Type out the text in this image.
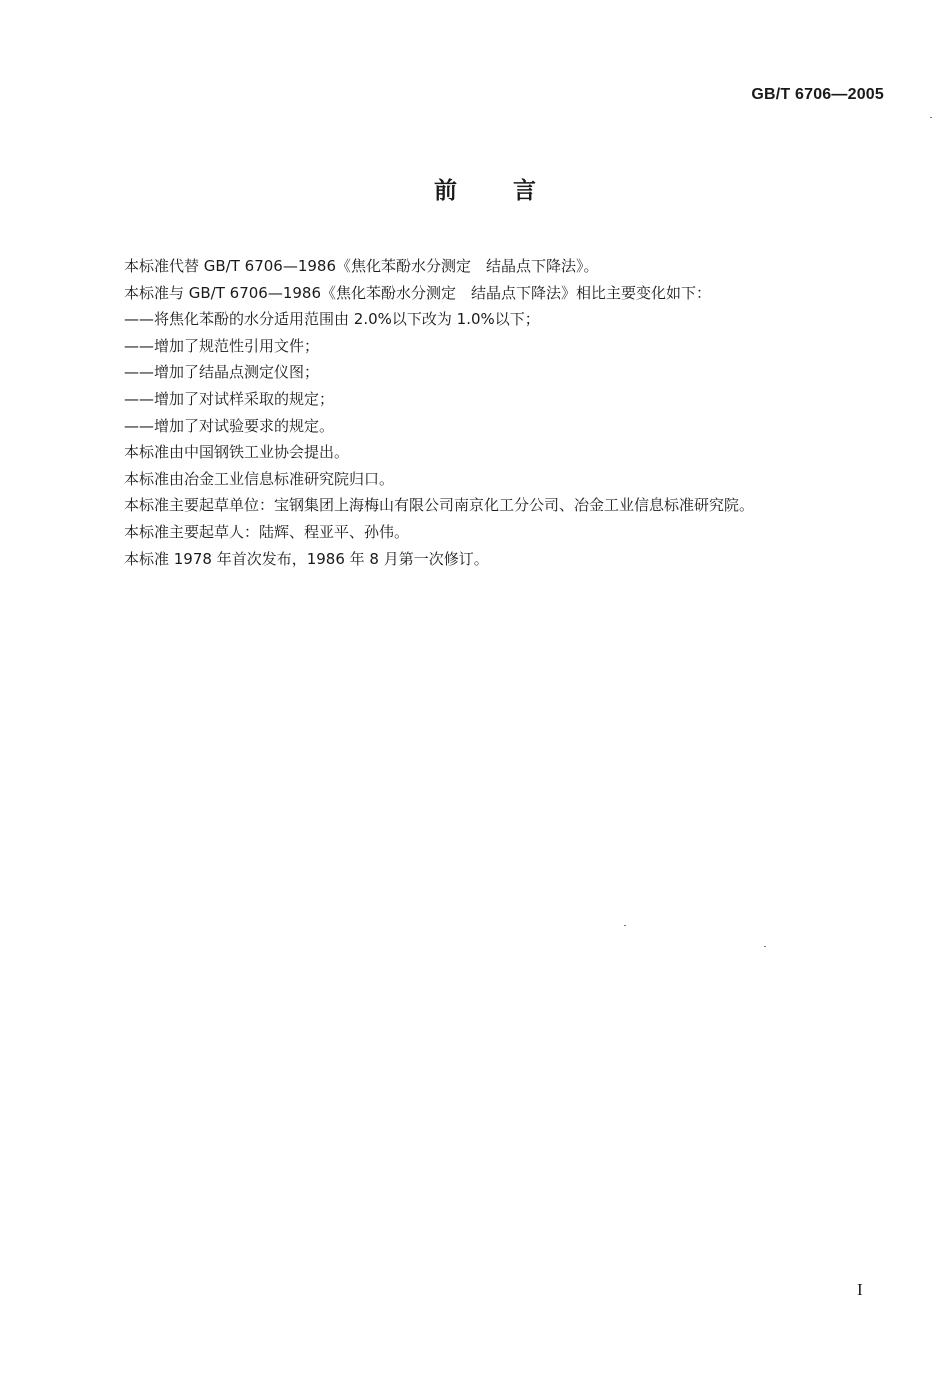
GB/T 6706—2005
前言
本标准代替 GB/T 6706—1986《焦化苯酚水分测定　结晶点下降法》。
本标准与 GB/T 6706—1986《焦化苯酚水分测定　结晶点下降法》相比主要变化如下：
——将焦化苯酚的水分适用范围由 2.0%以下改为 1.0%以下；
——增加了规范性引用文件；
——增加了结晶点测定仪图；
——增加了对试样采取的规定；
——增加了对试验要求的规定。
本标准由中国钢铁工业协会提出。
本标准由冶金工业信息标准研究院归口。
本标准主要起草单位：宝钢集团上海梅山有限公司南京化工分公司、冶金工业信息标准研究院。
本标准主要起草人：陆辉、程亚平、孙伟。
本标准 1978 年首次发布，1986 年 8 月第一次修订。
I
